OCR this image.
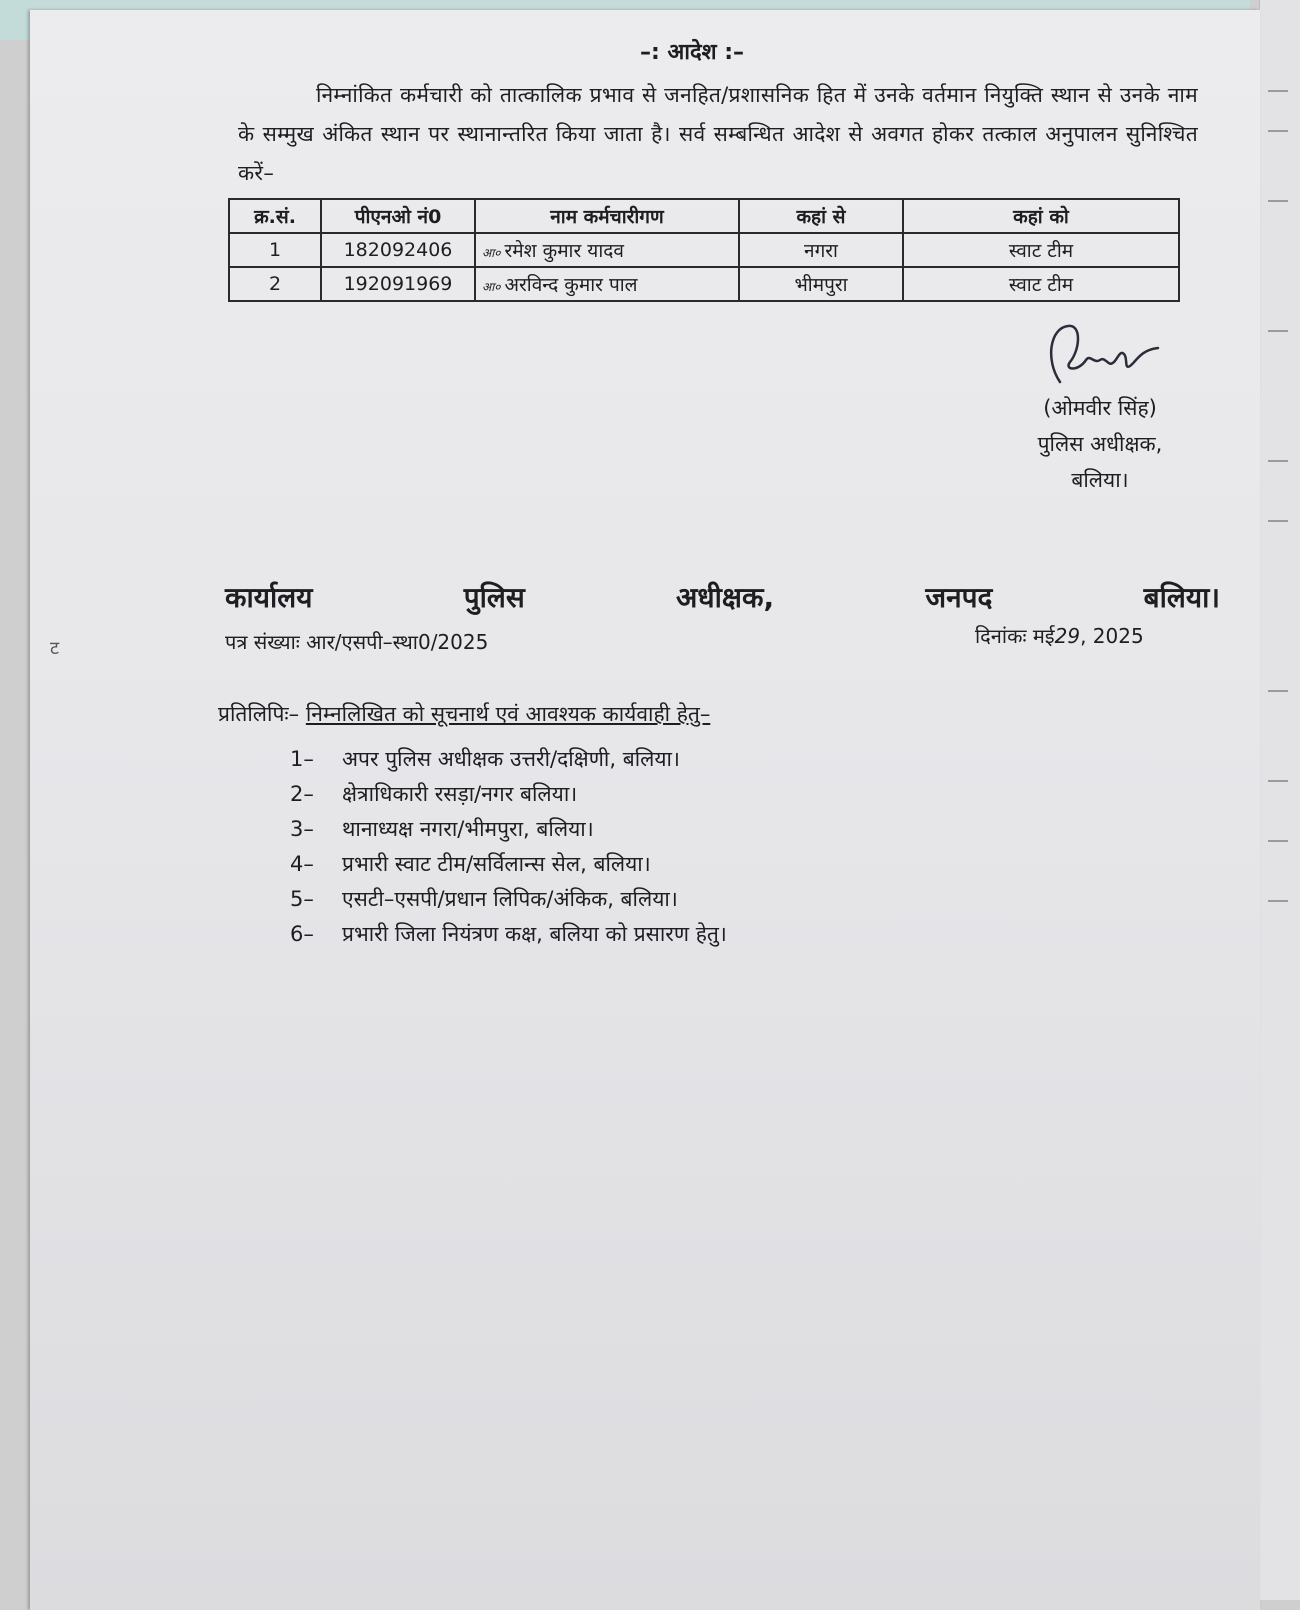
ट
–: आदेश :–
निम्नांकित कर्मचारी को तात्कालिक प्रभाव से जनहित/प्रशासनिक हित में उनके वर्तमान नियुक्ति स्थान से उनके नाम के सम्मुख अंकित स्थान पर स्थानान्तरित किया जाता है। सर्व सम्बन्धित आदेश से अवगत होकर तत्काल अनुपालन सुनिश्चित करें–
क्र.सं.	पीएनओ नं0	नाम कर्मचारीगण	कहां से	कहां को
1	182092406	आ० रमेश कुमार यादव	नगरा	स्वाट टीम
2	192091969	आ० अरविन्द कुमार पाल	भीमपुरा	स्वाट टीम
(ओमवीर सिंह)
पुलिस अधीक्षक,
बलिया।
कार्यालय	पुलिस	अधीक्षक,	जनपद	बलिया।
पत्र संख्याः आर/एसपी–स्था0/2025	दिनांकः मई29, 2025
प्रतिलिपिः– निम्नलिखित को सूचनार्थ एवं आवश्यक कार्यवाही हेतु–
1– अपर पुलिस अधीक्षक उत्तरी/दक्षिणी, बलिया।
2– क्षेत्राधिकारी रसड़ा/नगर बलिया।
3– थानाध्यक्ष नगरा/भीमपुरा, बलिया।
4– प्रभारी स्वाट टीम/सर्विलान्स सेल, बलिया।
5– एसटी–एसपी/प्रधान लिपिक/अंकिक, बलिया।
6– प्रभारी जिला नियंत्रण कक्ष, बलिया को प्रसारण हेतु।
